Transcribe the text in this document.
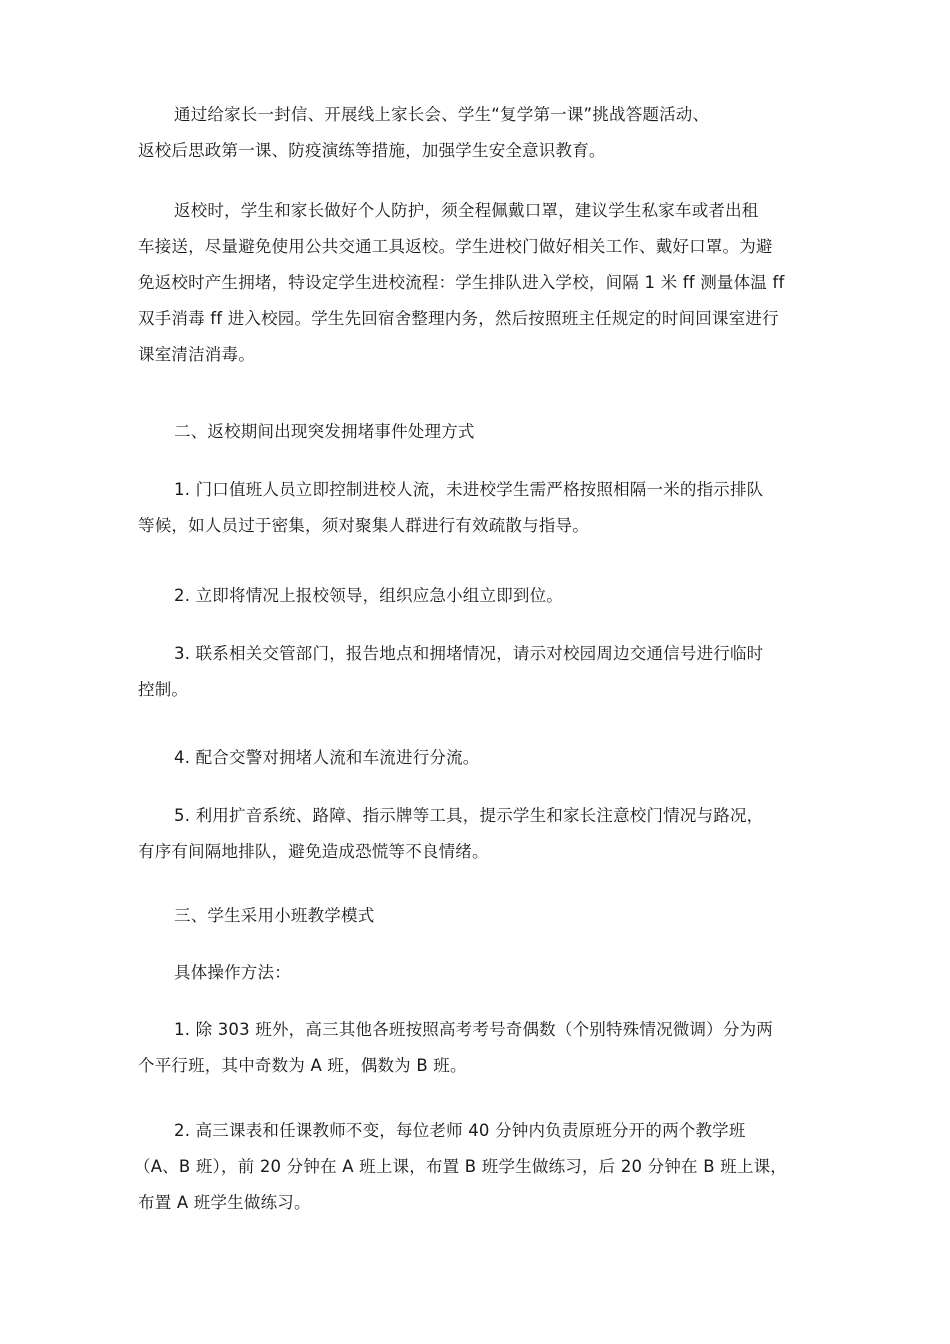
通过给家长一封信、开展线上家长会、学生“复学第一课”挑战答题活动、
返校后思政第一课、防疫演练等措施，加强学生安全意识教育。

返校时，学生和家长做好个人防护，须全程佩戴口罩，建议学生私家车或者出租
车接送，尽量避免使用公共交通工具返校。学生进校门做好相关工作、戴好口罩。为避
免返校时产生拥堵，特设定学生进校流程：学生排队进入学校，间隔 1 米 ff 测量体温 ff
双手消毒 ff 进入校园。学生先回宿舍整理内务，然后按照班主任规定的时间回课室进行
课室清洁消毒。

二、返校期间出现突发拥堵事件处理方式

1. 门口值班人员立即控制进校人流，未进校学生需严格按照相隔一米的指示排队
等候，如人员过于密集，须对聚集人群进行有效疏散与指导。

2. 立即将情况上报校领导，组织应急小组立即到位。

3. 联系相关交管部门，报告地点和拥堵情况，请示对校园周边交通信号进行临时
控制。

4. 配合交警对拥堵人流和车流进行分流。

5. 利用扩音系统、路障、指示牌等工具，提示学生和家长注意校门情况与路况，
有序有间隔地排队，避免造成恐慌等不良情绪。

三、学生采用小班教学模式

具体操作方法：

1. 除 303 班外，高三其他各班按照高考考号奇偶数（个别特殊情况微调）分为两
个平行班，其中奇数为 A 班，偶数为 B 班。

2. 高三课表和任课教师不变，每位老师 40 分钟内负责原班分开的两个教学班
（A、B 班），前 20 分钟在 A 班上课，布置 B 班学生做练习，后 20 分钟在 B 班上课，
布置 A 班学生做练习。
